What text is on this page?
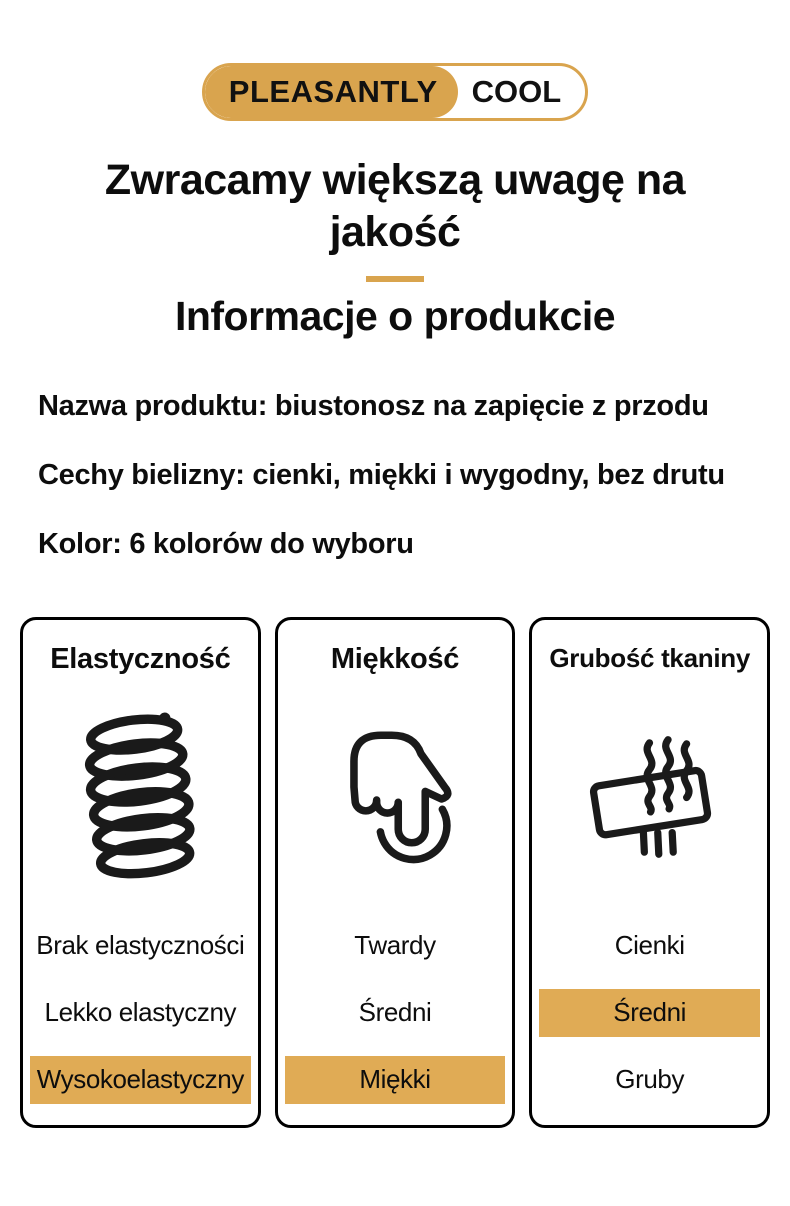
PLEASANTLY	COOL
Zwracamy większą uwagę na
jakość
Informacje o produkcie

Nazwa produktu: biustonosz na zapięcie z przodu

Cechy bielizny: cienki, miękki i wygodny, bez drutu

Kolor: 6 kolorów do wyboru

Elastyczność
Brak elastyczności
Lekko elastyczny
Wysokoelastyczny
Miękkość
Twardy
Średni
Miękki
Grubość tkaniny
Cienki
Średni
Gruby
